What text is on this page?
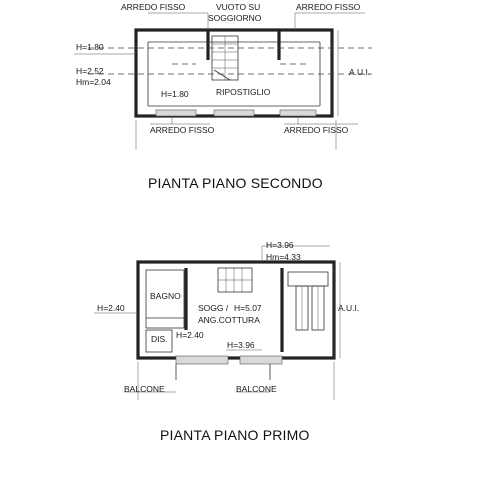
ARREDO FISSO	VUOTO SU
SOGGIORNO
ARREDO FISSO
H=1.80
H=2.52
Hm=2.04
A.U.I.
H=1.80	RIPOSTIGLIO
ARREDO FISSO	ARREDO FISSO
PIANTA PIANO SECONDO
H=3.96
Hm=4.33
BAGNO
H=2.40	SOGG /
ANG.COTTURA
H=5.07	A.U.I.
H=2.40
DIS.
H=3.96
BALCONE	BALCONE
PIANTA PIANO PRIMO
